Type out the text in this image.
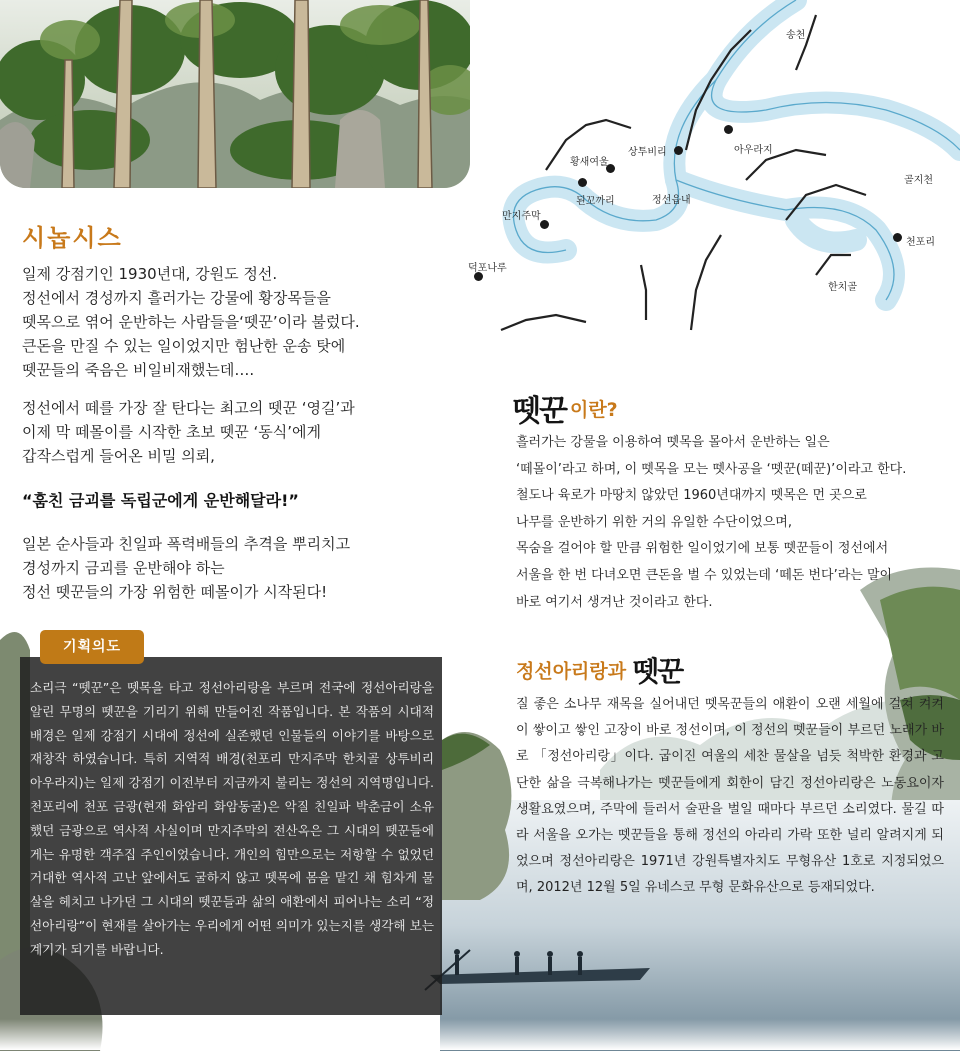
시놉시스
일제 강점기인 1930년대, 강원도 정선.
정선에서 경성까지 흘러가는 강물에 황장목들을
뗏목으로 엮어 운반하는 사람들을‘뗏꾼’이라 불렀다.
큰돈을 만질 수 있는 일이었지만 험난한 운송 탓에
뗏꾼들의 죽음은 비일비재했는데….
정선에서 떼를 가장 잘 탄다는 최고의 뗏꾼 ‘영길’과
이제 막 떼몰이를 시작한 초보 뗏꾼 ‘동식’에게
갑작스럽게 들어온 비밀 의뢰,
“훔친 금괴를 독립군에게 운반해달라!”
일본 순사들과 친일파 폭력배들의 추격을 뿌리치고
경성까지 금괴를 운반해야 하는
정선 뗏꾼들의 가장 위험한 떼몰이가 시작된다!
기획의도
소리극 “뗏꾼”은 뗏목을 타고 정선아리랑을 부르며 전국에 정선아리랑을 알린 무명의 뗏꾼을 기리기 위해 만들어진 작품입니다. 본 작품의 시대적 배경은 일제 강점기 시대에 정선에 실존했던 인물들의 이야기를 바탕으로 재창작 하였습니다. 특히 지역적 배경(천포리 만지주막 한치골 상투비리 아우라지)는 일제 강점기 이전부터 지금까지 불리는 정선의 지역명입니다. 천포리에 천포 금광(현재 화암리 화암동굴)은 악질 친일파 박춘금이 소유했던 금광으로 역사적 사실이며 만지주막의 전산옥은 그 시대의 뗏꾼들에게는 유명한 객주집 주인이었습니다. 개인의 힘만으로는 저항할 수 없었던 거대한 역사적 고난 앞에서도 굴하지 않고 뗏목에 몸을 맡긴 채 힘차게 물살을 헤치고 나가던 그 시대의 뗏꾼들과 삶의 애환에서 피어나는 소리 “정선아리랑”이 현재를 살아가는 우리에게 어떤 의미가 있는지를 생각해 보는 계기가 되기를 바랍니다.
송천
상투비리
황새여울
아우라지
골지천
된꼬까리	정선읍내
만지주막
천포리
덕포나루
한치골
뗏꾼 이란?
흘러가는 강물을 이용하여 뗏목을 몰아서 운반하는 일은
‘떼몰이’라고 하며, 이 뗏목을 모는 뗏사공을 ‘뗏꾼(떼꾼)’이라고 한다.
철도나 육로가 마땅치 않았던 1960년대까지 뗏목은 먼 곳으로
나무를 운반하기 위한 거의 유일한 수단이었으며,
목숨을 걸어야 할 만큼 위험한 일이었기에 보통 뗏꾼들이 정선에서
서울을 한 번 다녀오면 큰돈을 벌 수 있었는데 ‘떼돈 번다’라는 말이
바로 여기서 생겨난 것이라고 한다.
정선아리랑과 뗏꾼
질 좋은 소나무 재목을 실어내던 뗏목꾼들의 애환이 오랜 세월에 걸쳐 켜켜이 쌓이고 쌓인 고장이 바로 정선이며, 이 정선의 뗏꾼들이 부르던 노래가 바로 「정선아리랑」이다. 굽이진 여울의 세찬 물살을 넘듯 척박한 환경과 고단한 삶을 극복해나가는 뗏꾼들에게 회한이 담긴 정선아리랑은 노동요이자 생활요였으며, 주막에 들러서 술판을 벌일 때마다 부르던 소리였다. 물길 따라 서울을 오가는 뗏꾼들을 통해 정선의 아라리 가락 또한 널리 알려지게 되었으며 정선아리랑은 1971년 강원특별자치도 무형유산 1호로 지정되었으며, 2012년 12월 5일 유네스코 무형 문화유산으로 등재되었다.
